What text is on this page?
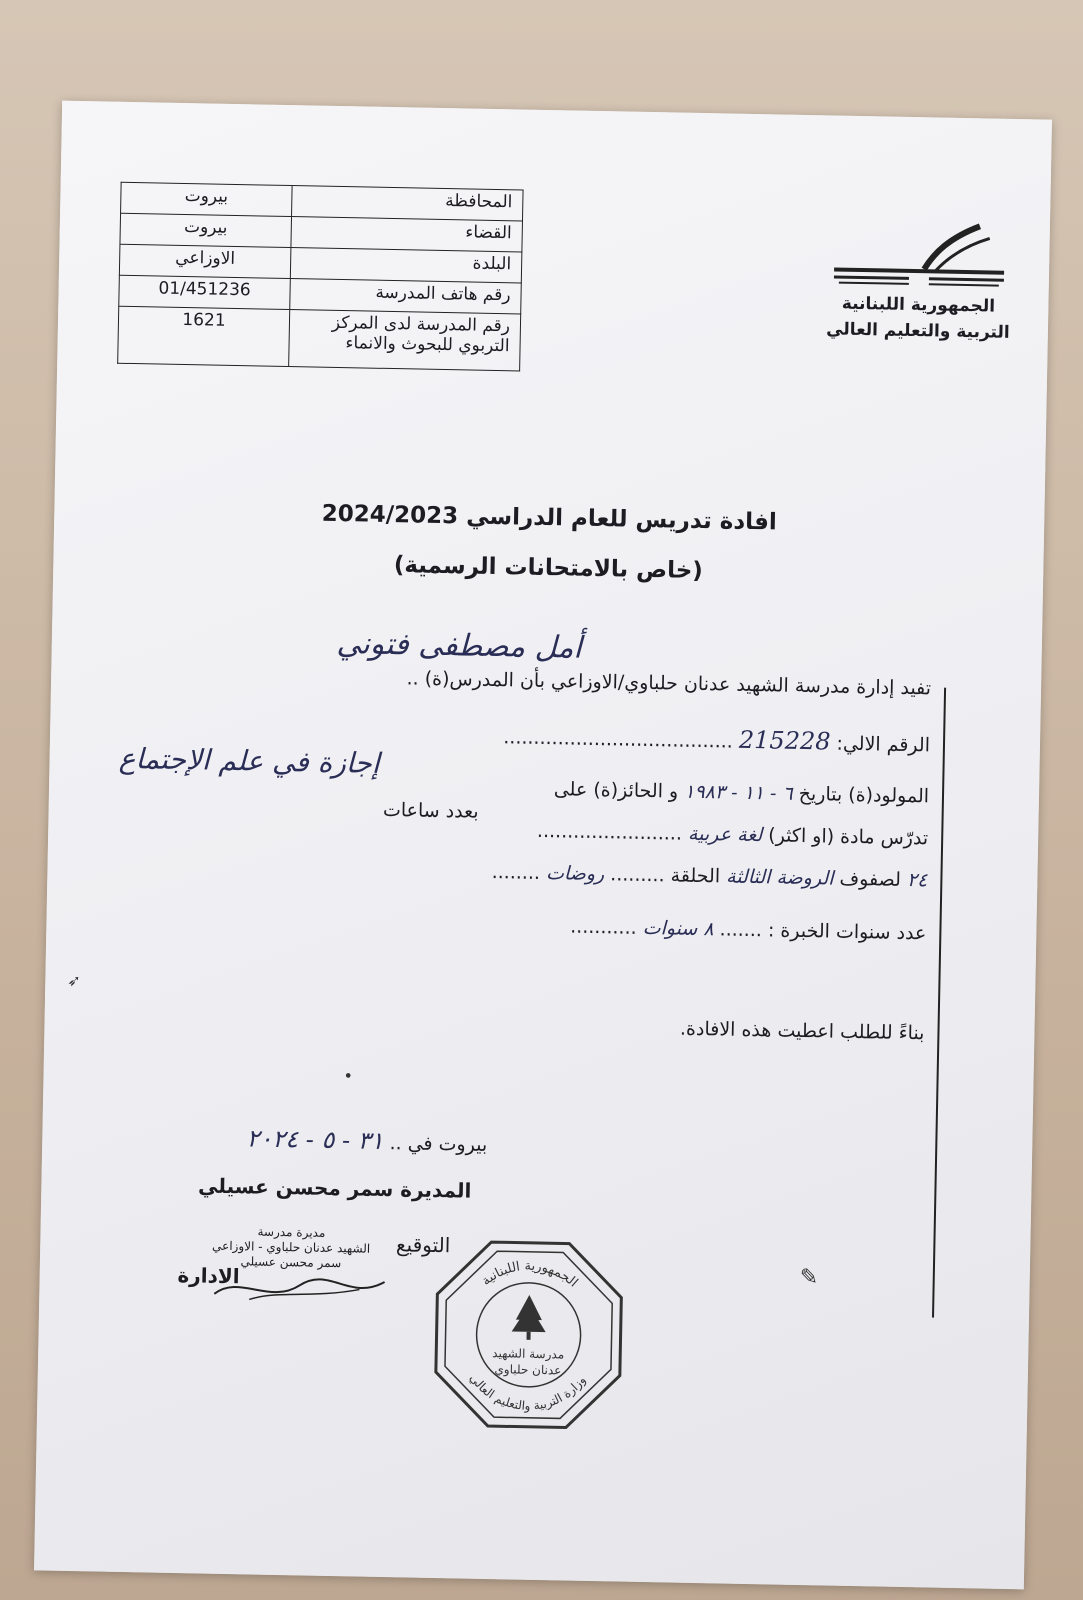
الجمهورية اللبنانية
التربية والتعليم العالي
المحافظة	بيروت
القضاء	بيروت
البلدة	الاوزاعي
رقم هاتف المدرسة	01/451236
رقم المدرسة لدى المركز التربوي للبحوث والانماء	1621
افادة تدريس للعام الدراسي 2024/2023
(خاص بالامتحانات الرسمية)
تفيد إدارة مدرسة الشهيد عدنان حلباوي/الاوزاعي بأن المدرس(ة) ..
أمل مصطفى فتوني
الرقم الالي: 215228 ......................................
المولود(ة) بتاريخ ٦ - ١١ - ١٩٨٣ و الحائز(ة) على
إجازة في علم الإجتماع
تدرّس مادة (او اكثر) لغة عربية ........................
بعدد ساعات
٢٤ لصفوف الروضة الثالثة الحلقة ......... روضات ........
عدد سنوات الخبرة : ....... ٨ سنوات ...........
بناءً للطلب اعطيت هذه الافادة.
بيروت في .. ٣١ - ٥ - ٢٠٢٤
المديرة سمر محسن عسيلي
التوقيع
الادارة
مديرة مدرسة
الشهيد عدنان حلباوي - الاوزاعي
سمر محسن عسيلي
الجمهورية اللبنانية
وزارة التربية والتعليم العالي
مدرسة الشهيد
عدنان حلباوي
➶
•
✎
